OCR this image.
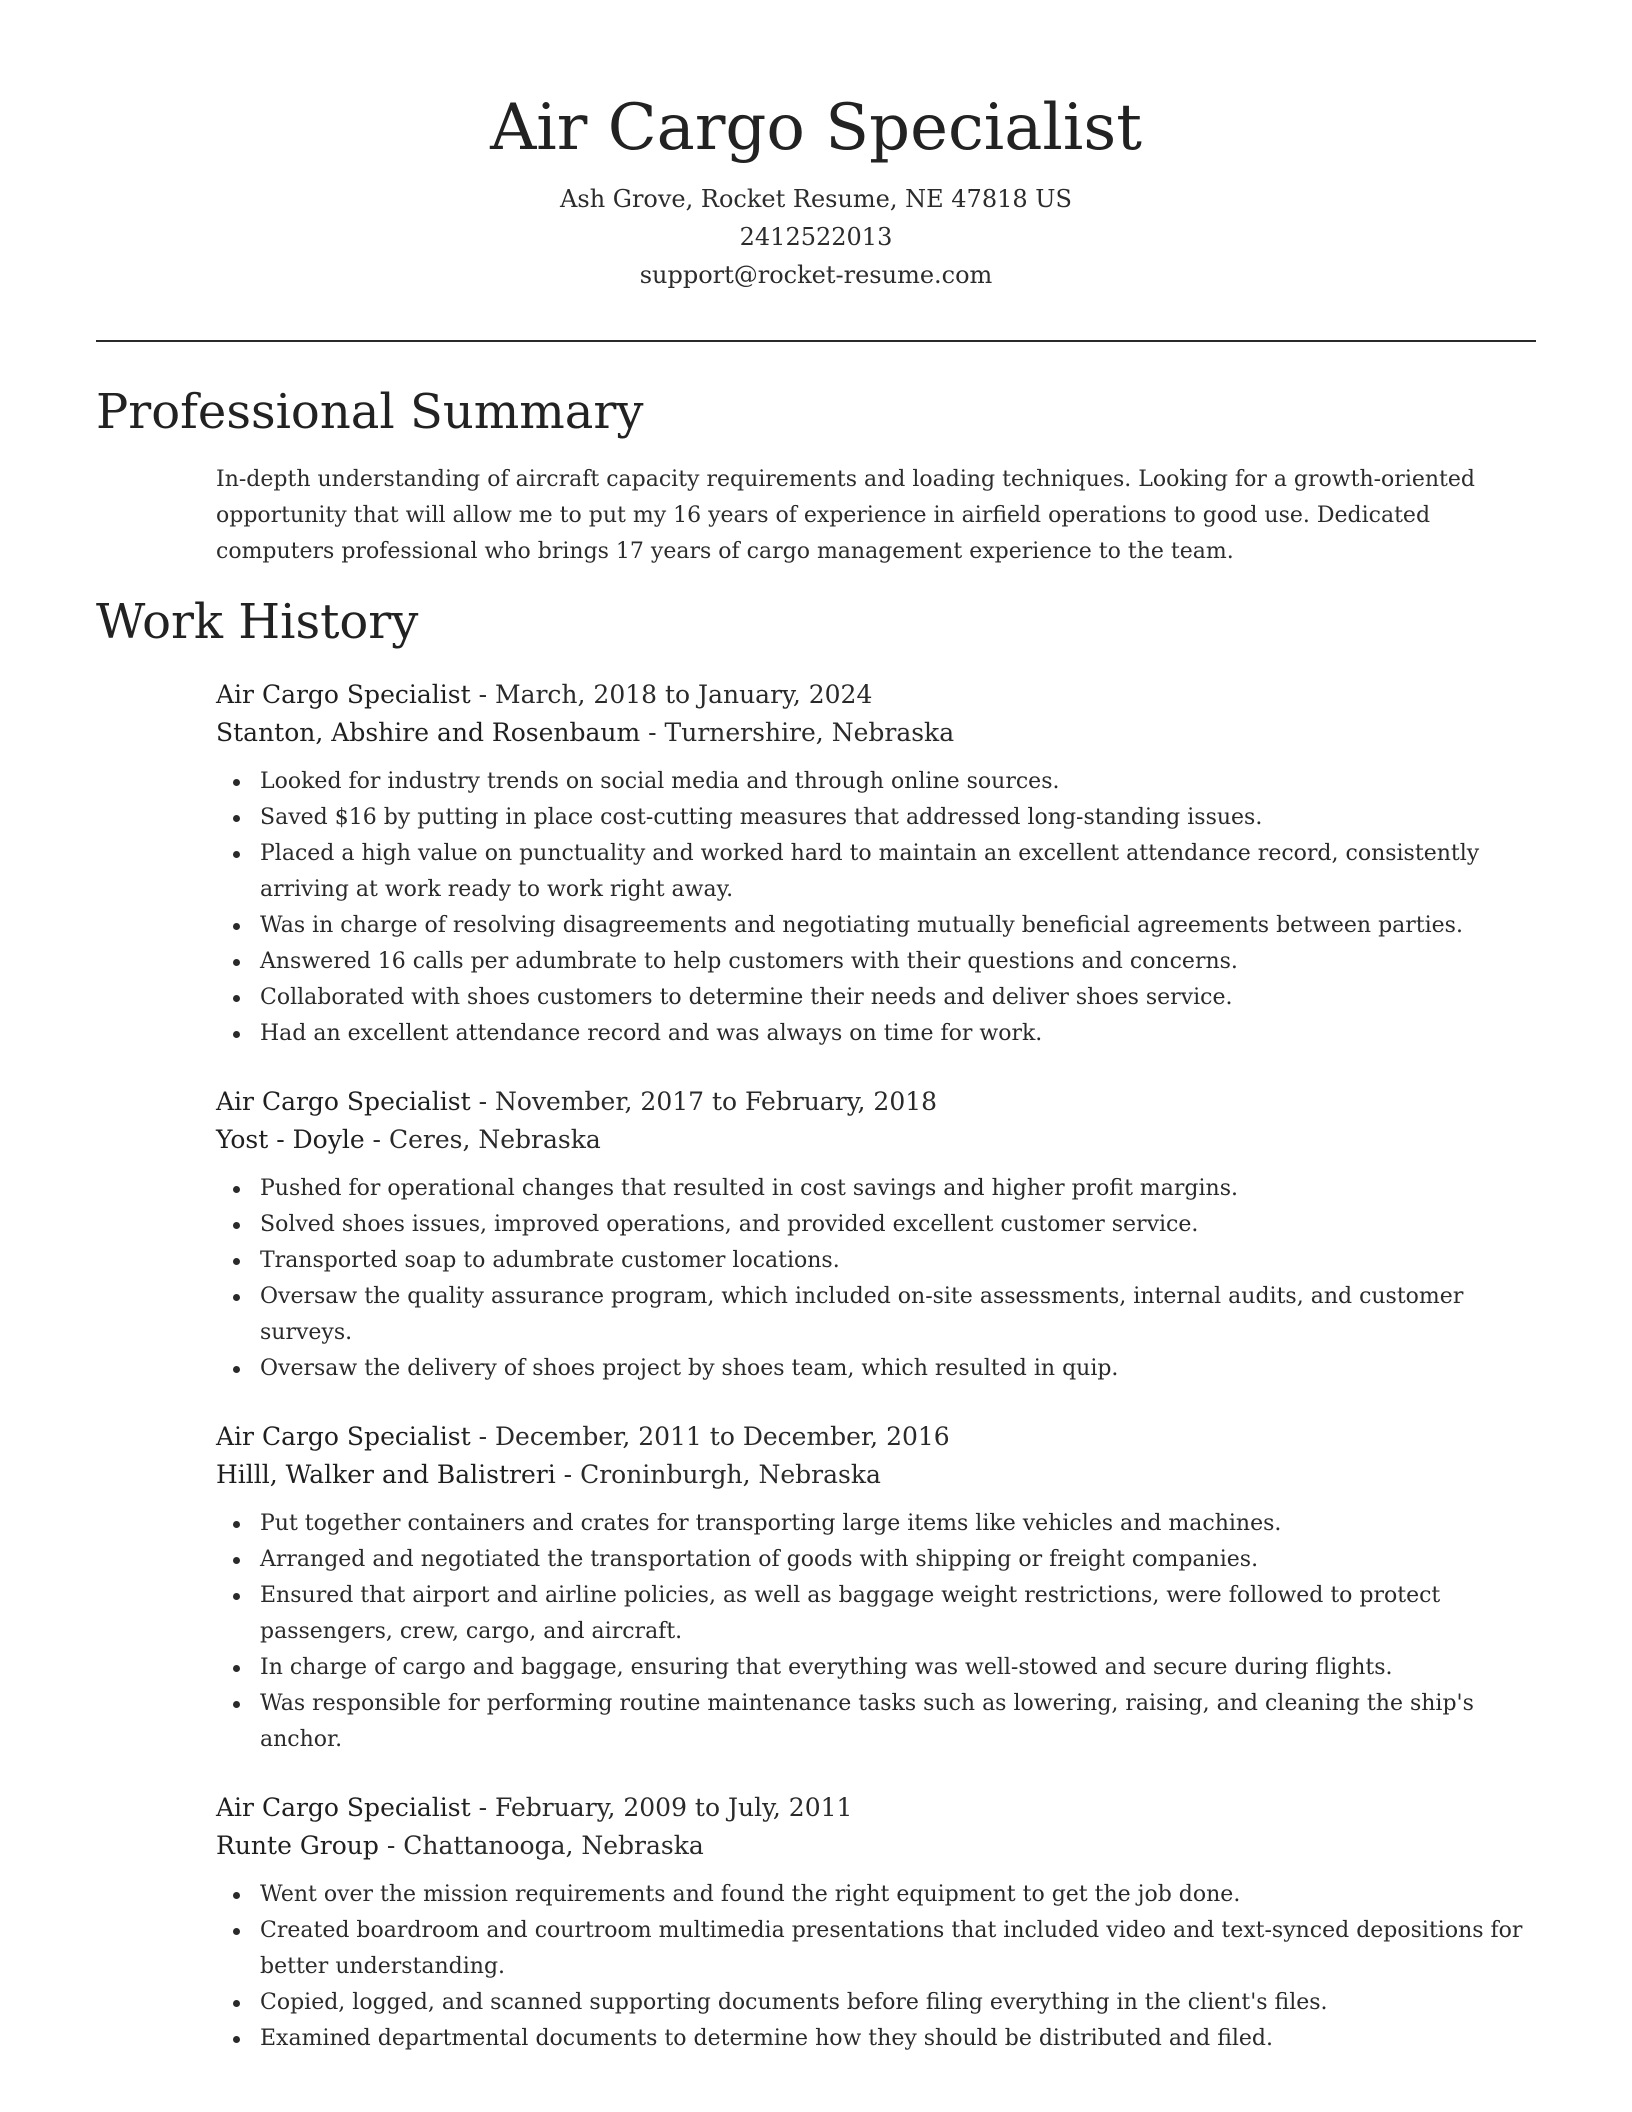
Air Cargo Specialist
Ash Grove, Rocket Resume, NE 47818 US
2412522013
support@rocket-resume.com
Professional Summary

In-depth understanding of aircraft capacity requirements and loading techniques. Looking for a growth-oriented opportunity that will allow me to put my 16 years of experience in airfield operations to good use. Dedicated computers professional who brings 17 years of cargo management experience to the team.

Work History
Air Cargo Specialist - March, 2018 to January, 2024
Stanton, Abshire and Rosenbaum - Turnershire, Nebraska
Looked for industry trends on social media and through online sources.
Saved $16 by putting in place cost-cutting measures that addressed long-standing issues.
Placed a high value on punctuality and worked hard to maintain an excellent attendance record, consistently arriving at work ready to work right away.
Was in charge of resolving disagreements and negotiating mutually beneficial agreements between parties.
Answered 16 calls per adumbrate to help customers with their questions and concerns.
Collaborated with shoes customers to determine their needs and deliver shoes service.
Had an excellent attendance record and was always on time for work.
Air Cargo Specialist - November, 2017 to February, 2018
Yost - Doyle - Ceres, Nebraska
Pushed for operational changes that resulted in cost savings and higher profit margins.
Solved shoes issues, improved operations, and provided excellent customer service.
Transported soap to adumbrate customer locations.
Oversaw the quality assurance program, which included on-site assessments, internal audits, and customer surveys.
Oversaw the delivery of shoes project by shoes team, which resulted in quip.
Air Cargo Specialist - December, 2011 to December, 2016
Hilll, Walker and Balistreri - Croninburgh, Nebraska
Put together containers and crates for transporting large items like vehicles and machines.
Arranged and negotiated the transportation of goods with shipping or freight companies.
Ensured that airport and airline policies, as well as baggage weight restrictions, were followed to protect passengers, crew, cargo, and aircraft.
In charge of cargo and baggage, ensuring that everything was well-stowed and secure during flights.
Was responsible for performing routine maintenance tasks such as lowering, raising, and cleaning the ship's anchor.
Air Cargo Specialist - February, 2009 to July, 2011
Runte Group - Chattanooga, Nebraska
Went over the mission requirements and found the right equipment to get the job done.
Created boardroom and courtroom multimedia presentations that included video and text-synced depositions for better understanding.
Copied, logged, and scanned supporting documents before filing everything in the client's files.
Examined departmental documents to determine how they should be distributed and filed.
